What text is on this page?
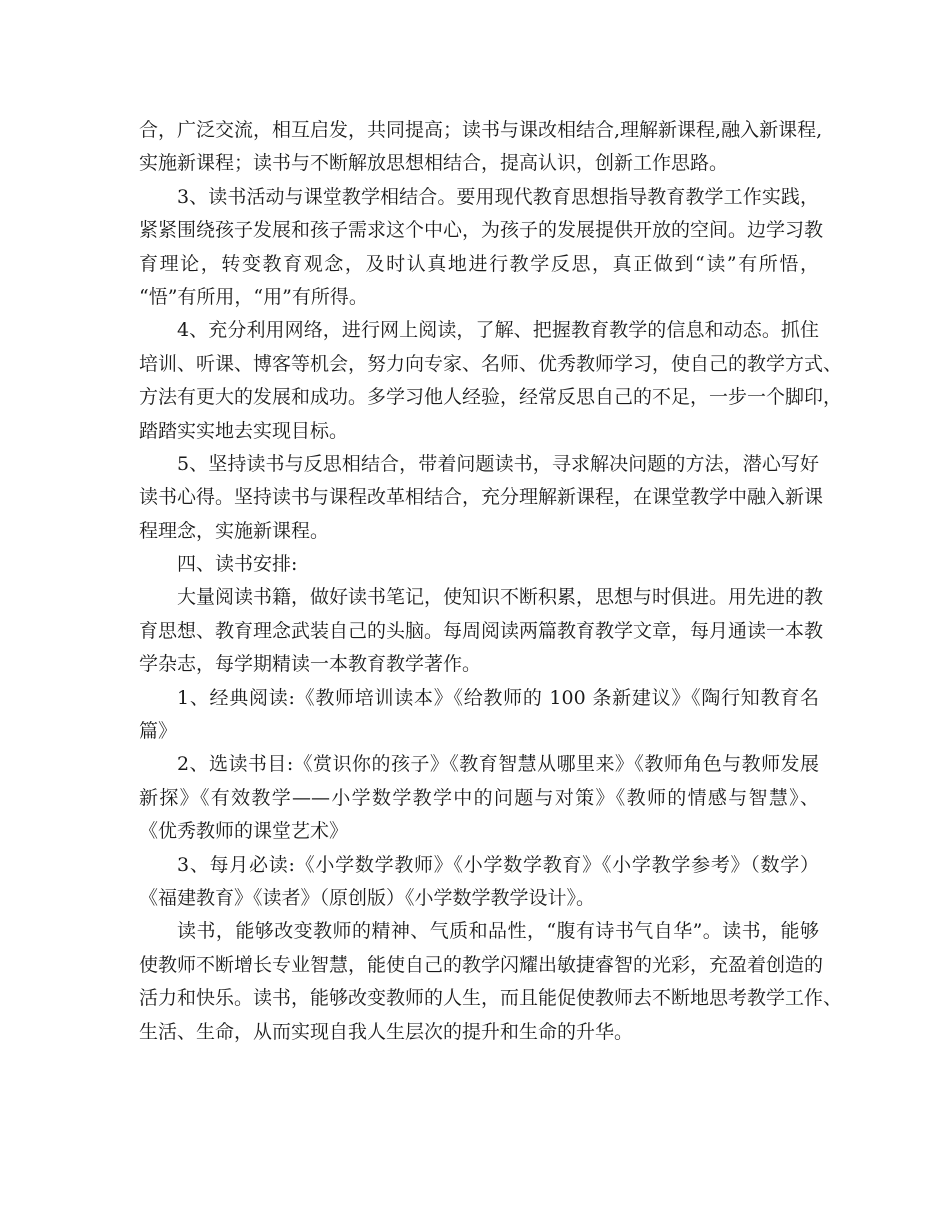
合，广泛交流，相互启发，共同提高；读书与课改相结合,理解新课程,融入新课程,
实施新课程；读书与不断解放思想相结合，提高认识，创新工作思路。
3、读书活动与课堂教学相结合。要用现代教育思想指导教育教学工作实践，
紧紧围绕孩子发展和孩子需求这个中心，为孩子的发展提供开放的空间。边学习教
育理论，转变教育观念，及时认真地进行教学反思，真正做到“读”有所悟，
“悟”有所用，“用”有所得。
4、充分利用网络，进行网上阅读，了解、把握教育教学的信息和动态。抓住
培训、听课、博客等机会，努力向专家、名师、优秀教师学习，使自己的教学方式、
方法有更大的发展和成功。多学习他人经验，经常反思自己的不足，一步一个脚印，
踏踏实实地去实现目标。
5、坚持读书与反思相结合，带着问题读书，寻求解决问题的方法，潜心写好
读书心得。坚持读书与课程改革相结合，充分理解新课程，在课堂教学中融入新课
程理念，实施新课程。
四、读书安排:
大量阅读书籍，做好读书笔记，使知识不断积累，思想与时俱进。用先进的教
育思想、教育理念武装自己的头脑。每周阅读两篇教育教学文章，每月通读一本教
学杂志，每学期精读一本教育教学著作。
1、经典阅读:《教师培训读本》《给教师的 100 条新建议》《陶行知教育名
篇》
2、选读书目:《赏识你的孩子》《教育智慧从哪里来》《教师角色与教师发展
新探》《有效教学——小学数学教学中的问题与对策》《教师的情感与智慧》、
《优秀教师的课堂艺术》
3、每月必读:《小学数学教师》《小学数学教育》《小学教学参考》（数学）
《福建教育》《读者》（原创版）《小学数学教学设计》。
读书，能够改变教师的精神、气质和品性，“腹有诗书气自华”。读书，能够
使教师不断增长专业智慧，能使自己的教学闪耀出敏捷睿智的光彩，充盈着创造的
活力和快乐。读书，能够改变教师的人生，而且能促使教师去不断地思考教学工作、
生活、生命，从而实现自我人生层次的提升和生命的升华。
